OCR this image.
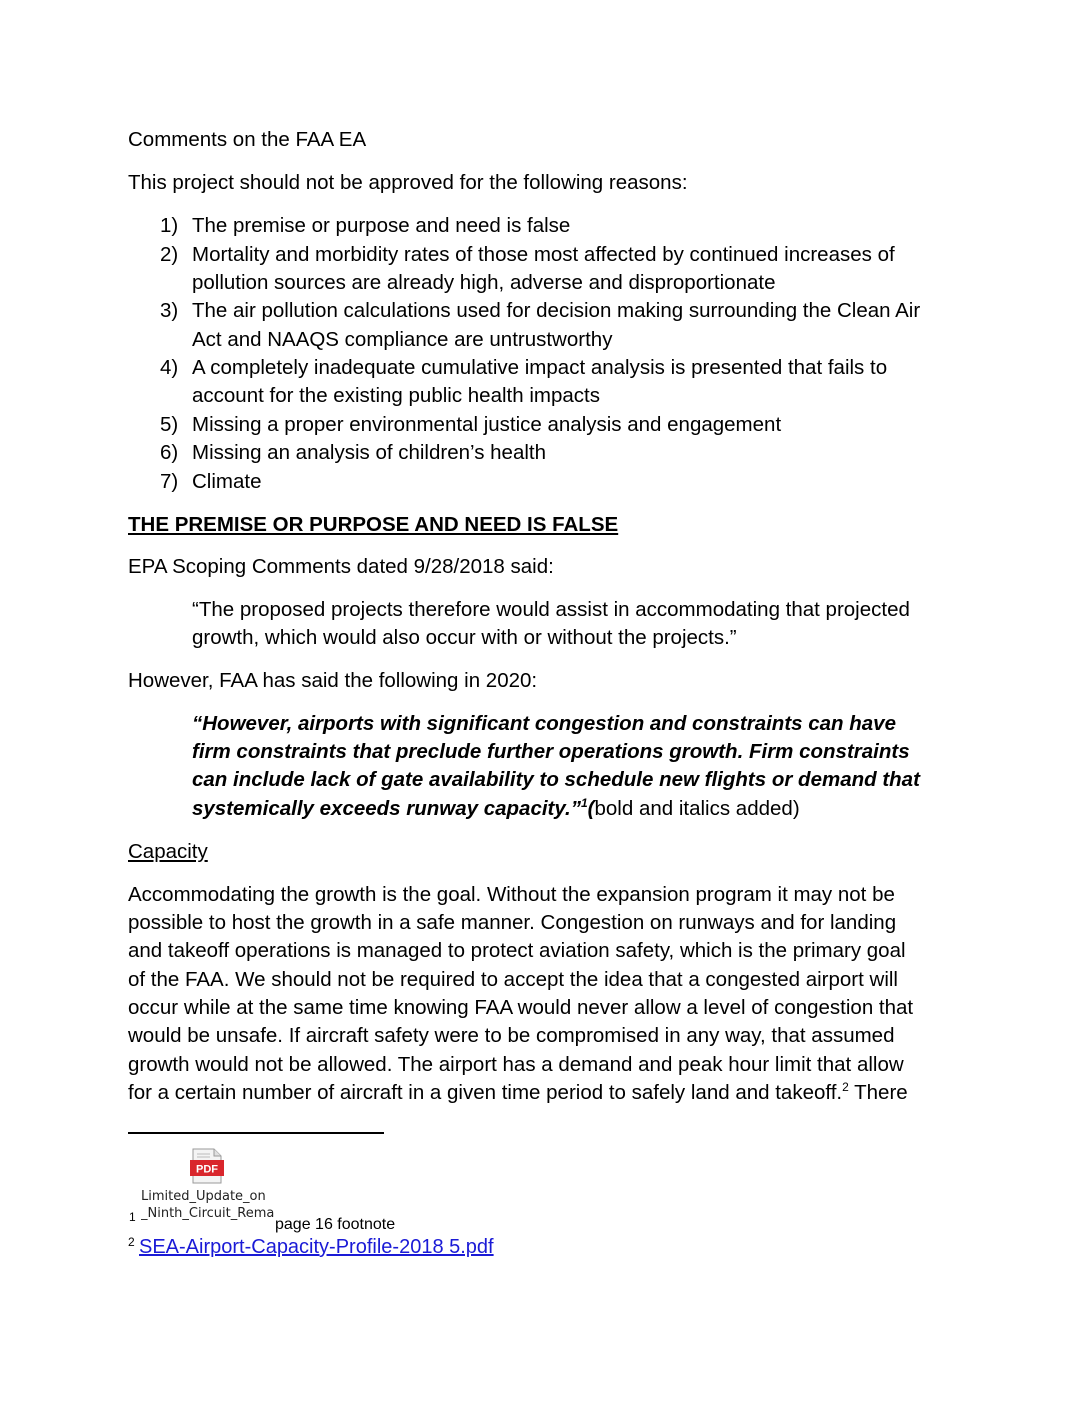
Comments on the FAA EA
This project should not be approved for the following reasons:
1) The premise or purpose and need is false
2) Mortality and morbidity rates of those most affected by continued increases of
pollution sources are already high, adverse and disproportionate
3) The air pollution calculations used for decision making surrounding the Clean Air
Act and NAAQS compliance are untrustworthy
4) A completely inadequate cumulative impact analysis is presented that fails to
account for the existing public health impacts
5) Missing a proper environmental justice analysis and engagement
6) Missing an analysis of children’s health
7) Climate
THE PREMISE OR PURPOSE AND NEED IS FALSE
EPA Scoping Comments dated 9/28/2018 said:
“The proposed projects therefore would assist in accommodating that projected
growth, which would also occur with or without the projects.”
However, FAA has said the following in 2020:
“However, airports with significant congestion and constraints can have
firm constraints that preclude further operations growth. Firm constraints
can include lack of gate availability to schedule new flights or demand that
systemically exceeds runway capacity.”$^1$(bold and italics added)
Capacity
Accommodating the growth is the goal. Without the expansion program it may not be
possible to host the growth in a safe manner. Congestion on runways and for landing
and takeoff operations is managed to protect aviation safety, which is the primary goal
of the FAA. We should not be required to accept the idea that a congested airport will
occur while at the same time knowing FAA would never allow a level of congestion that
would be unsafe. If aircraft safety were to be compromised in any way, that assumed
growth would not be allowed. The airport has a demand and peak hour limit that allow
for a certain number of aircraft in a given time period to safely land and takeoff.$^2$ There
PDF
Limited_Update_on
1 _Ninth_Circuit_Rema
page 16 footnote
2 SEA-Airport-Capacity-Profile-2018 5.pdf
